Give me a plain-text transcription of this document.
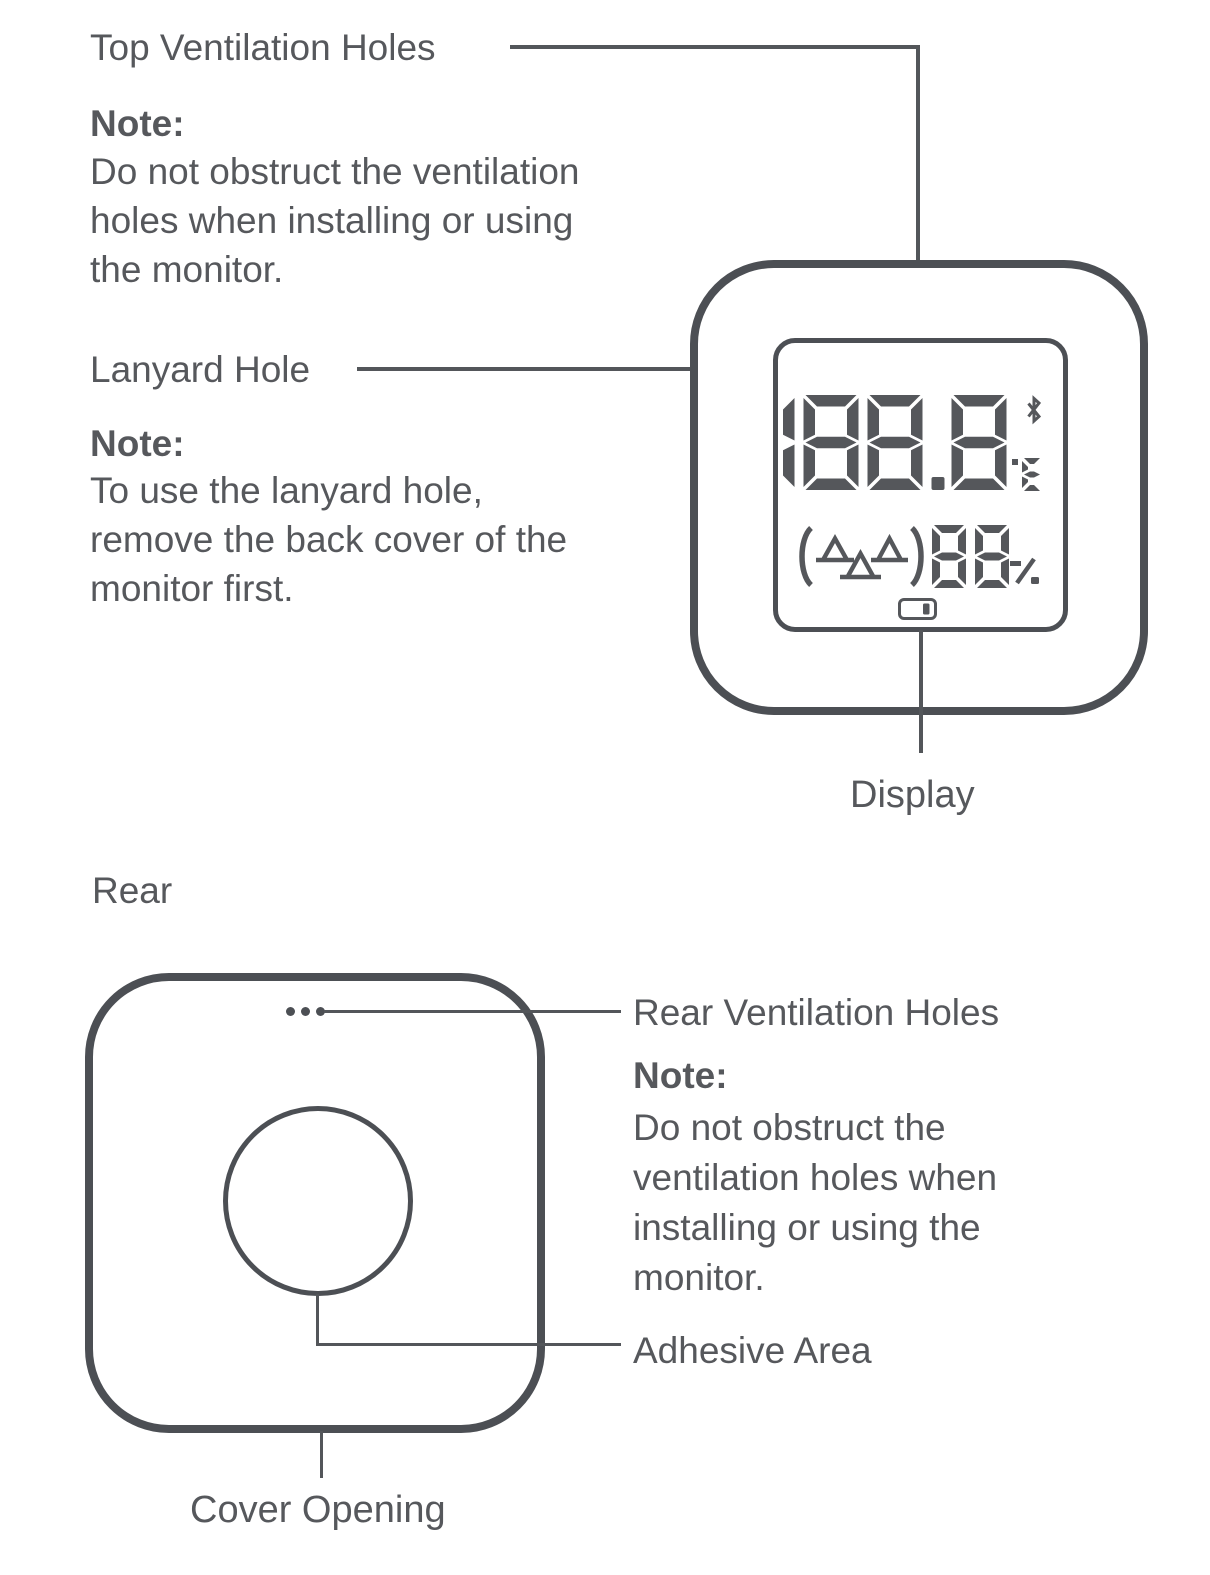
Top Ventilation Holes
Note:
Do not obstruct the ventilation
holes when installing or using
the monitor.
Lanyard Hole
Note:
To use the lanyard hole,
remove the back cover of the
monitor first.
Display
Rear
Rear Ventilation Holes
Note:
Do not obstruct the
ventilation holes when
installing or using the
monitor.
Adhesive Area
Cover Opening
